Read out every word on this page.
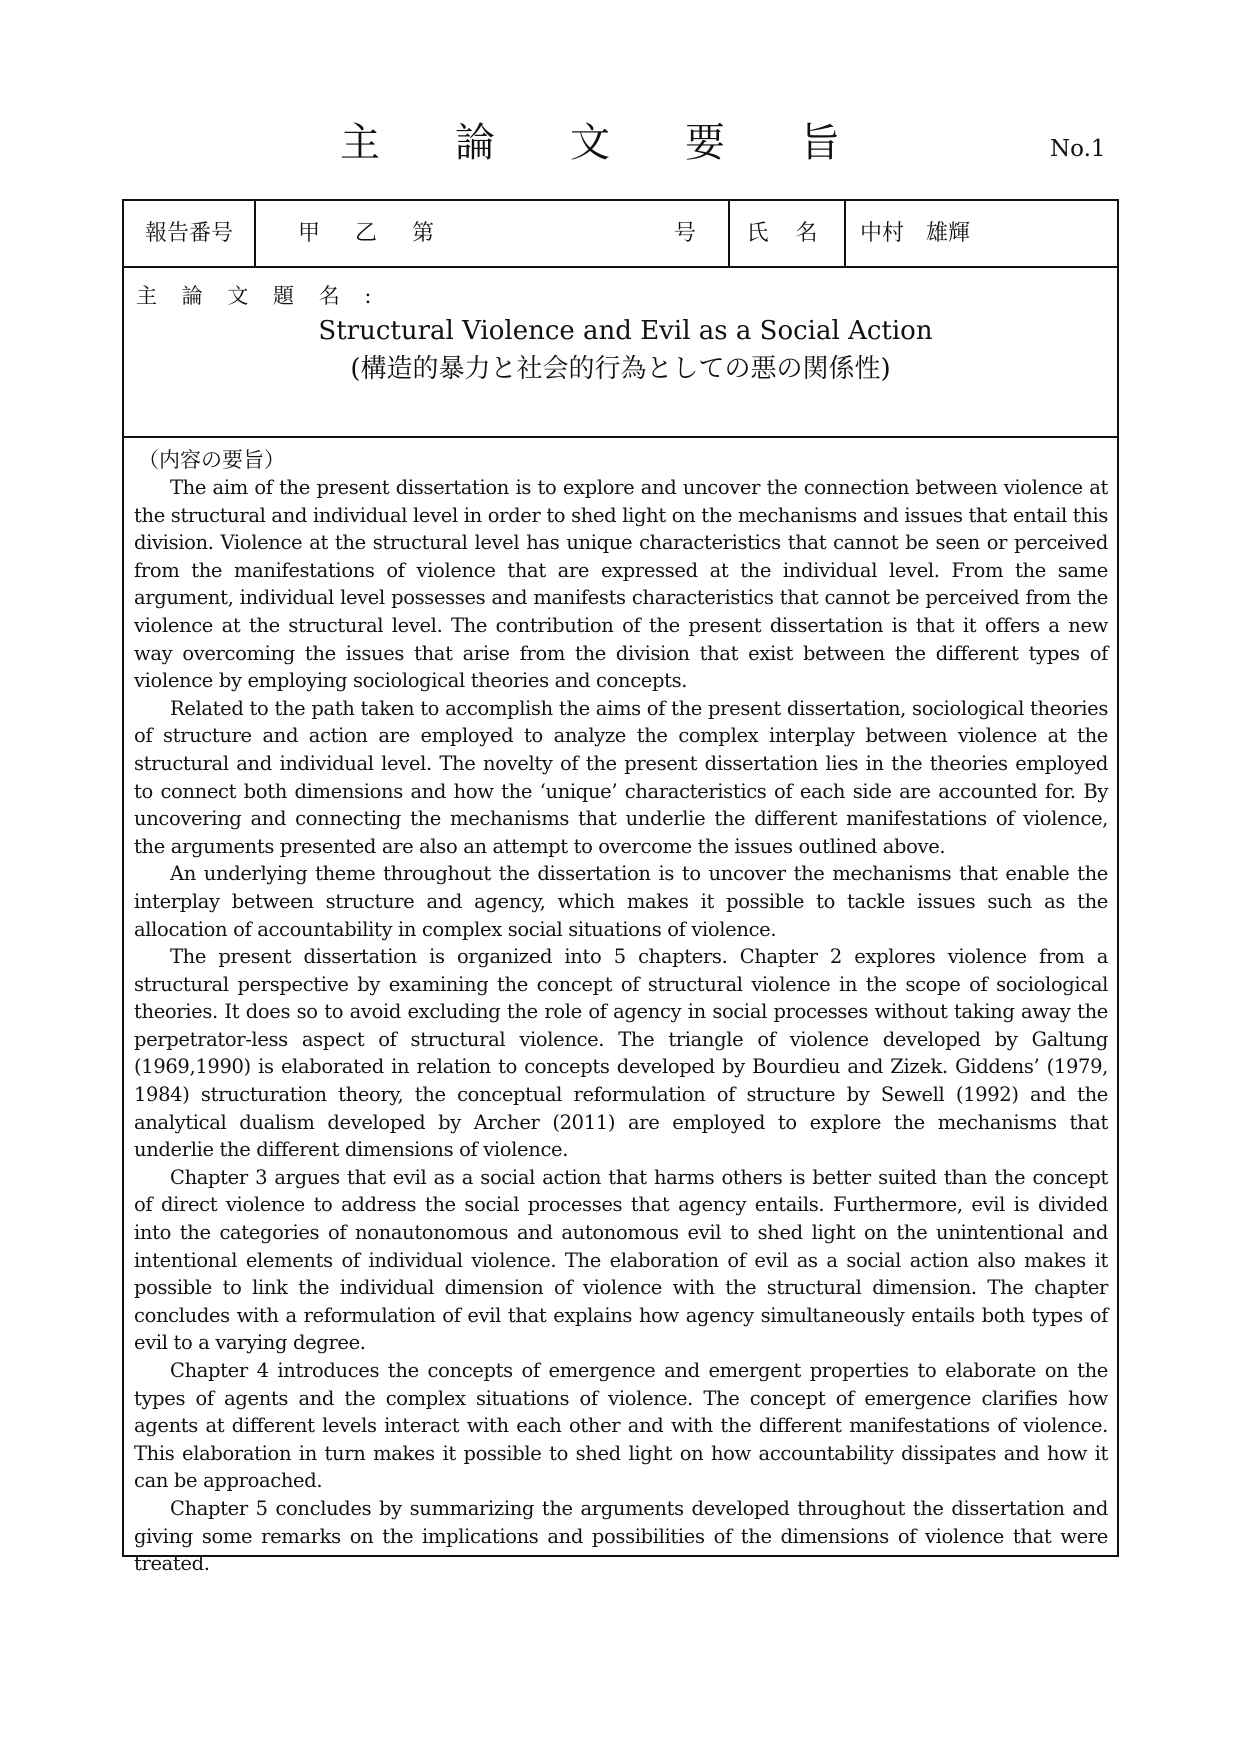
主 論 文 要 旨	No.1
報告番号	甲 乙 第	号	氏 名	中村　雄輝
主 論 文 題 名 :
Structural Violence and Evil as a Social Action
(構造的暴力と社会的行為としての悪の関係性)
（内容の要旨）

The aim of the present dissertation is to explore and uncover the connection between violence at the structural and individual level in order to shed light on the mechanisms and issues that entail this division. Violence at the structural level has unique characteristics that cannot be seen or perceived from the manifestations of violence that are expressed at the individual level. From the same argument, individual level possesses and manifests characteristics that cannot be perceived from the violence at the structural level. The contribution of the present dissertation is that it offers a new way overcoming the issues that arise from the division that exist between the different types of violence by employing sociological theories and concepts.

Related to the path taken to accomplish the aims of the present dissertation, sociological theories of structure and action are employed to analyze the complex interplay between violence at the structural and individual level. The novelty of the present dissertation lies in the theories employed to connect both dimensions and how the ‘unique’ characteristics of each side are accounted for. By uncovering and connecting the mechanisms that underlie the different manifestations of violence, the arguments presented are also an attempt to overcome the issues outlined above.

An underlying theme throughout the dissertation is to uncover the mechanisms that enable the interplay between structure and agency, which makes it possible to tackle issues such as the allocation of accountability in complex social situations of violence.

The present dissertation is organized into 5 chapters. Chapter 2 explores violence from a structural perspective by examining the concept of structural violence in the scope of sociological theories. It does so to avoid excluding the role of agency in social processes without taking away the perpetrator-less aspect of structural violence. The triangle of violence developed by Galtung (1969,1990) is elaborated in relation to concepts developed by Bourdieu and Zizek. Giddens’ (1979, 1984) structuration theory, the conceptual reformulation of structure by Sewell (1992) and the analytical dualism developed by Archer (2011) are employed to explore the mechanisms that underlie the different dimensions of violence.

Chapter 3 argues that evil as a social action that harms others is better suited than the concept of direct violence to address the social processes that agency entails. Furthermore, evil is divided into the categories of nonautonomous and autonomous evil to shed light on the unintentional and intentional elements of individual violence. The elaboration of evil as a social action also makes it possible to link the individual dimension of violence with the structural dimension. The chapter concludes with a reformulation of evil that explains how agency simultaneously entails both types of evil to a varying degree.

Chapter 4 introduces the concepts of emergence and emergent properties to elaborate on the types of agents and the complex situations of violence. The concept of emergence clarifies how agents at different levels interact with each other and with the different manifestations of violence. This elaboration in turn makes it possible to shed light on how accountability dissipates and how it can be approached.

Chapter 5 concludes by summarizing the arguments developed throughout the dissertation and giving some remarks on the implications and possibilities of the dimensions of violence that were treated.
